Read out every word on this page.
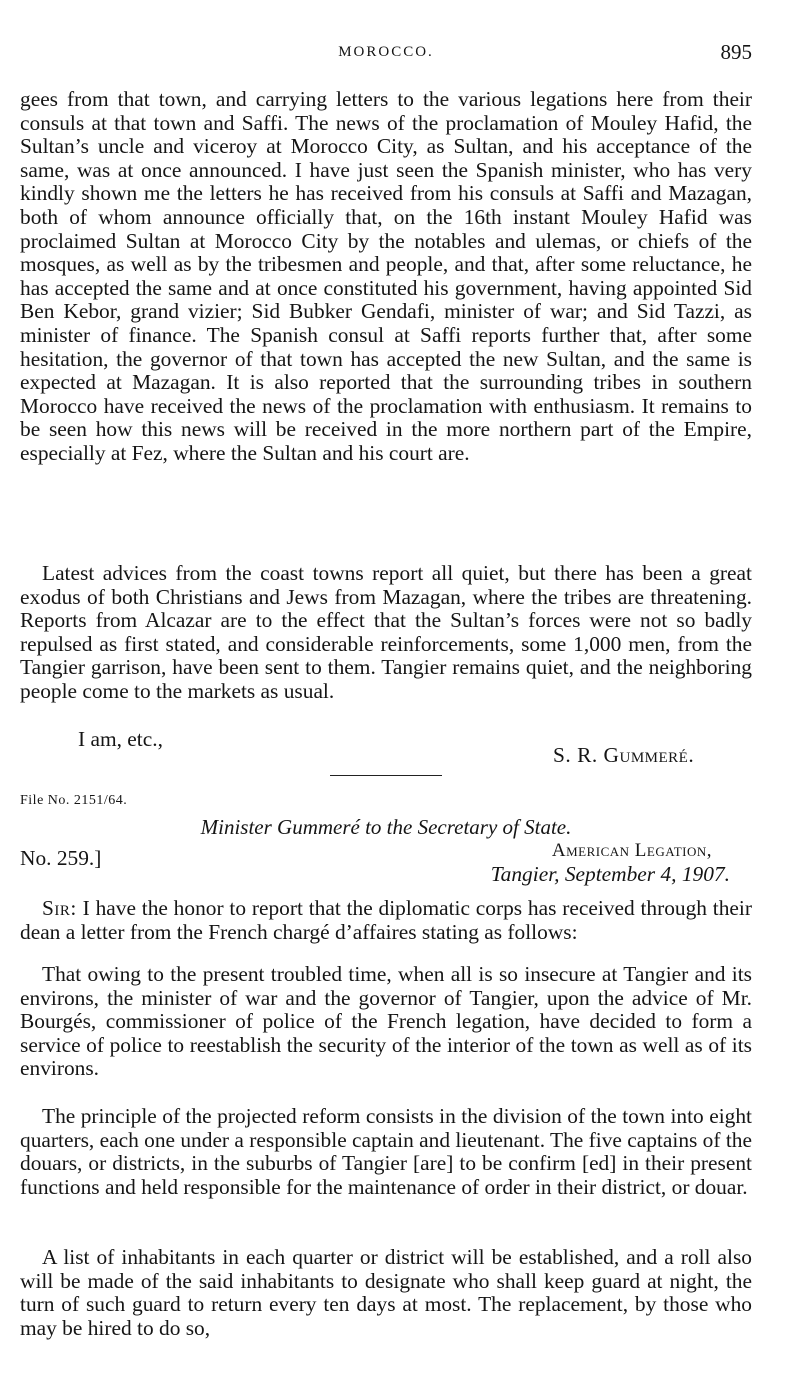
MOROCCO.	895

gees from that town, and carrying letters to the various legations here from their consuls at that town and Saffi. The news of the proclamation of Mouley Hafid, the Sultan’s uncle and viceroy at Morocco City, as Sultan, and his acceptance of the same, was at once announced. I have just seen the Spanish minister, who has very kindly shown me the letters he has received from his consuls at Saffi and Mazagan, both of whom announce officially that, on the 16th instant Mouley Hafid was proclaimed Sultan at Morocco City by the notables and ulemas, or chiefs of the mosques, as well as by the tribesmen and people, and that, after some reluctance, he has accepted the same and at once constituted his government, having appointed Sid Ben Kebor, grand vizier; Sid Bubker Gendafi, minister of war; and Sid Tazzi, as minister of finance. The Spanish consul at Saffi reports further that, after some hesitation, the governor of that town has accepted the new Sultan, and the same is expected at Mazagan. It is also reported that the surrounding tribes in southern Morocco have received the news of the proclamation with enthusiasm. It remains to be seen how this news will be received in the more northern part of the Empire, especially at Fez, where the Sultan and his court are.

Latest advices from the coast towns report all quiet, but there has been a great exodus of both Christians and Jews from Mazagan, where the tribes are threatening. Reports from Alcazar are to the effect that the Sultan’s forces were not so badly repulsed as first stated, and considerable reinforcements, some 1,000 men, from the Tangier garrison, have been sent to them. Tangier remains quiet, and the neighboring people come to the markets as usual.

I am, etc.,
S. R. Gummeré.
File No. 2151/64.
Minister Gummeré to the Secretary of State.
No. 259.]	American Legation,
Tangier, September 4, 1907.

Sir: I have the honor to report that the diplomatic corps has received through their dean a letter from the French chargé d’affaires stating as follows:

That owing to the present troubled time, when all is so insecure at Tangier and its environs, the minister of war and the governor of Tangier, upon the advice of Mr. Bourgés, commissioner of police of the French legation, have decided to form a service of police to reestablish the security of the interior of the town as well as of its environs.

The principle of the projected reform consists in the division of the town into eight quarters, each one under a responsible captain and lieutenant. The five captains of the douars, or districts, in the suburbs of Tangier [are] to be confirm [ed] in their present functions and held responsible for the maintenance of order in their district, or douar.

A list of inhabitants in each quarter or district will be established, and a roll also will be made of the said inhabitants to designate who shall keep guard at night, the turn of such guard to return every ten days at most. The replacement, by those who may be hired to do so,
